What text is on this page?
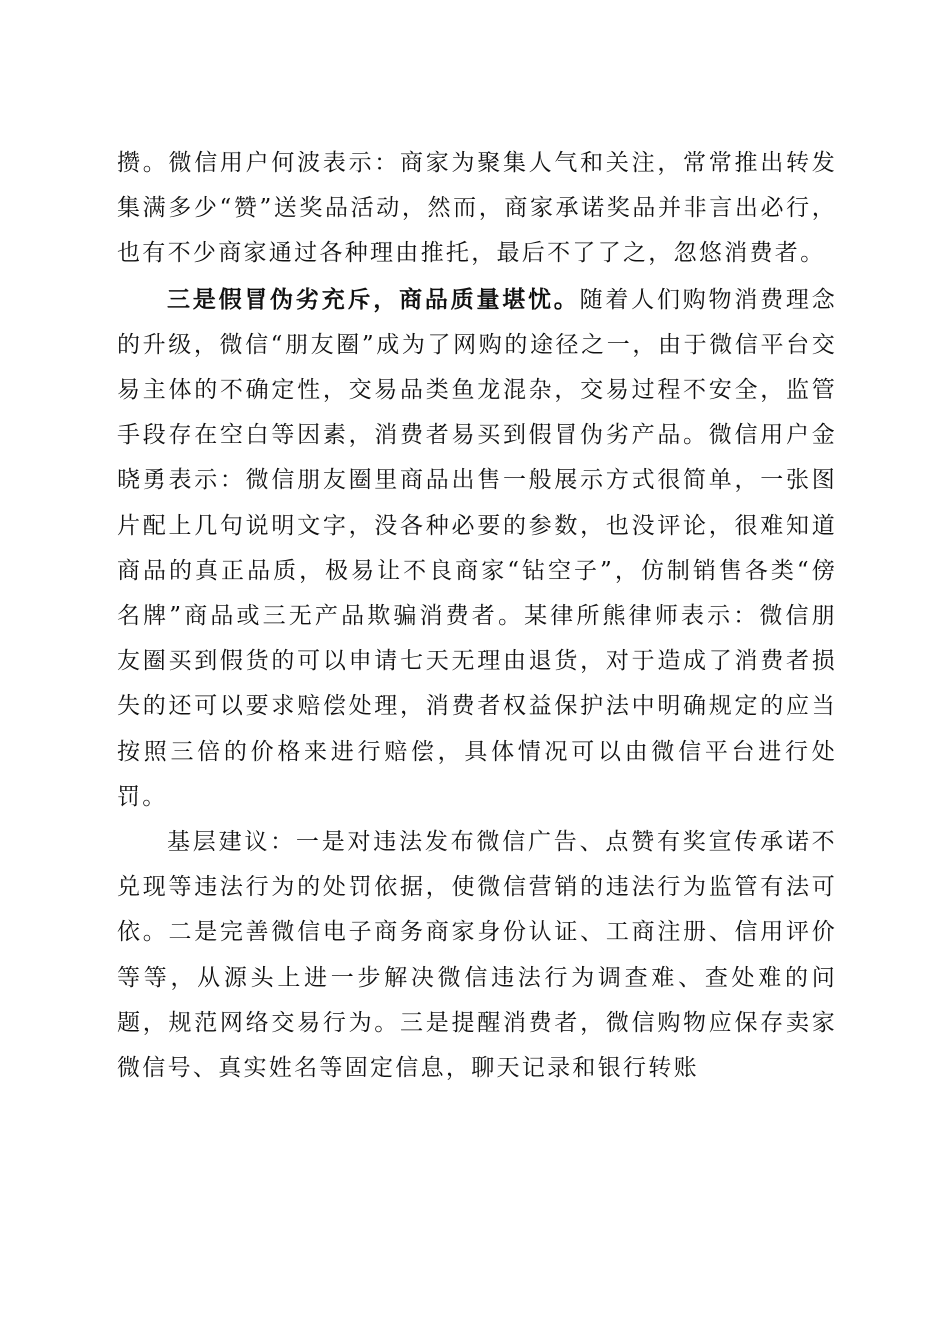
攒。微信用户何波表示：商家为聚集人气和关注，常常推出转发集满多少“赞”送奖品活动，然而，商家承诺奖品并非言出必行，也有不少商家通过各种理由推托，最后不了了之，忽悠消费者。

三是假冒伪劣充斥，商品质量堪忧。随着人们购物消费理念的升级，微信“朋友圈”成为了网购的途径之一，由于微信平台交易主体的不确定性，交易品类鱼龙混杂，交易过程不安全，监管手段存在空白等因素，消费者易买到假冒伪劣产品。微信用户金晓勇表示：微信朋友圈里商品出售一般展示方式很简单，一张图片配上几句说明文字，没各种必要的参数，也没评论，很难知道商品的真正品质，极易让不良商家“钻空子”，仿制销售各类“傍名牌”商品或三无产品欺骗消费者。某律所熊律师表示：微信朋友圈买到假货的可以申请七天无理由退货，对于造成了消费者损失的还可以要求赔偿处理，消费者权益保护法中明确规定的应当按照三倍的价格来进行赔偿，具体情况可以由微信平台进行处罚。

基层建议：一是对违法发布微信广告、点赞有奖宣传承诺不兑现等违法行为的处罚依据，使微信营销的违法行为监管有法可依。二是完善微信电子商务商家身份认证、工商注册、信用评价等等，从源头上进一步解决微信违法行为调查难、查处难的问题，规范网络交易行为。三是提醒消费者，微信购物应保存卖家微信号、真实姓名等固定信息，聊天记录和银行转账
